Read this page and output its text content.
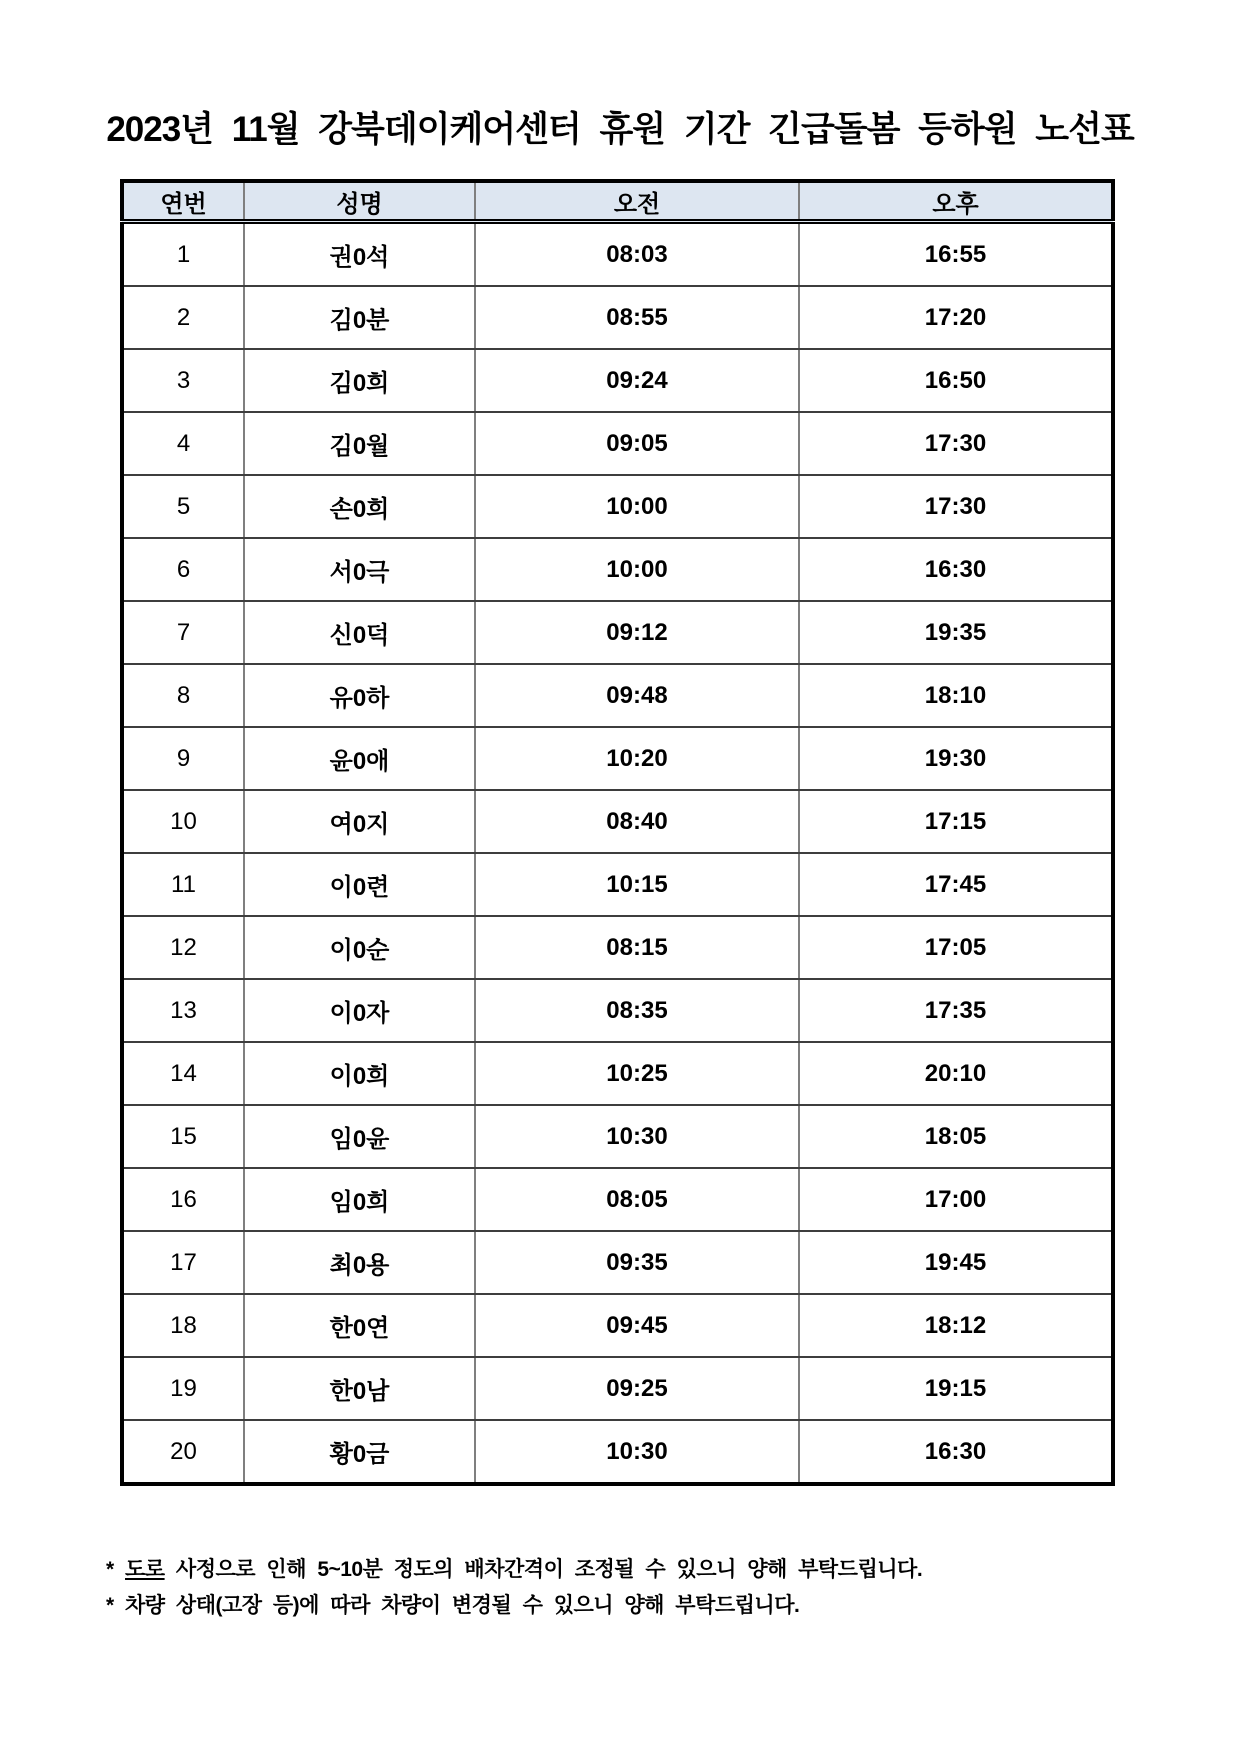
2023년 11월 강북데이케어센터 휴원 기간 긴급돌봄 등하원 노선표
연번	성명	오전	오후
1	권0석	08:03	16:55
2	김0분	08:55	17:20
3	김0희	09:24	16:50
4	김0월	09:05	17:30
5	손0희	10:00	17:30
6	서0극	10:00	16:30
7	신0덕	09:12	19:35
8	유0하	09:48	18:10
9	윤0애	10:20	19:30
10	여0지	08:40	17:15
11	이0련	10:15	17:45
12	이0순	08:15	17:05
13	이0자	08:35	17:35
14	이0희	10:25	20:10
15	임0윤	10:30	18:05
16	임0희	08:05	17:00
17	최0용	09:35	19:45
18	한0연	09:45	18:12
19	한0남	09:25	19:15
20	황0금	10:30	16:30

* 도로 사정으로 인해 5~10분 정도의 배차간격이 조정될 수 있으니 양해 부탁드립니다.

* 차량 상태(고장 등)에 따라 차량이 변경될 수 있으니 양해 부탁드립니다.
